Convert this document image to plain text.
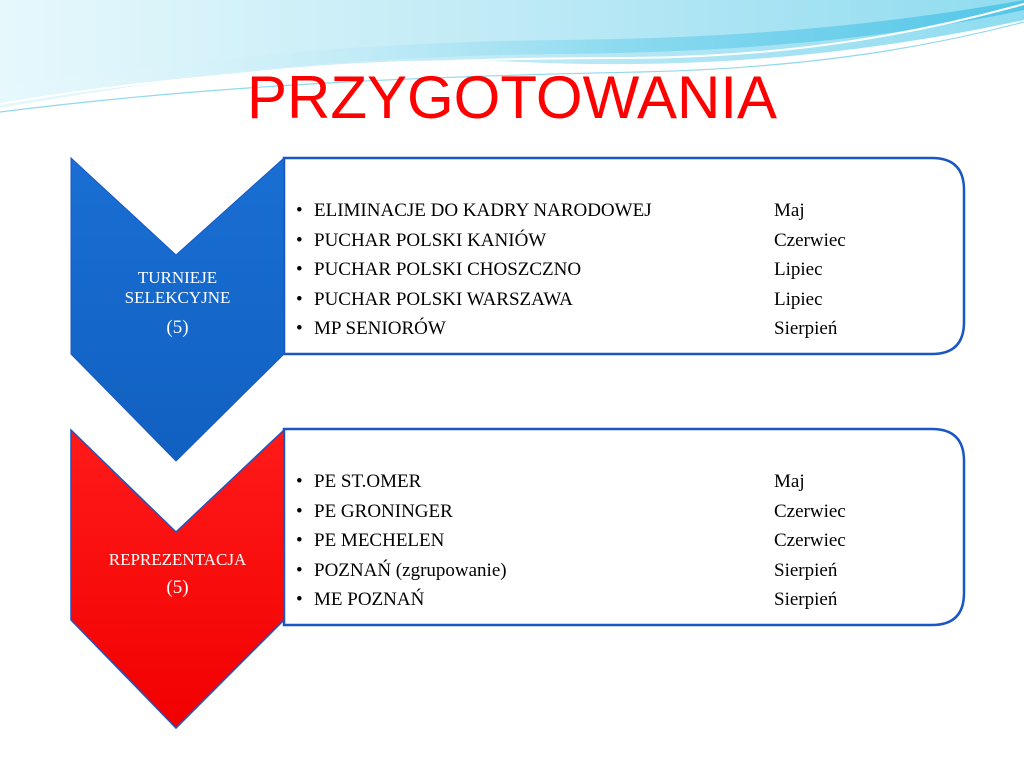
PRZYGOTOWANIA
TURNIEJE
SELEKCYJNE
(5)
REPREZENTACJA
(5)
• ELIMINACJE DO KADRY NARODOWEJ	Maj
• PUCHAR POLSKI KANIÓW	Czerwiec
• PUCHAR POLSKI CHOSZCZNO	Lipiec
• PUCHAR POLSKI WARSZAWA	Lipiec
• MP SENIORÓW	Sierpień
• PE ST.OMER	Maj
• PE GRONINGER	Czerwiec
• PE MECHELEN	Czerwiec
• POZNAŃ (zgrupowanie)	Sierpień
• ME POZNAŃ	Sierpień
